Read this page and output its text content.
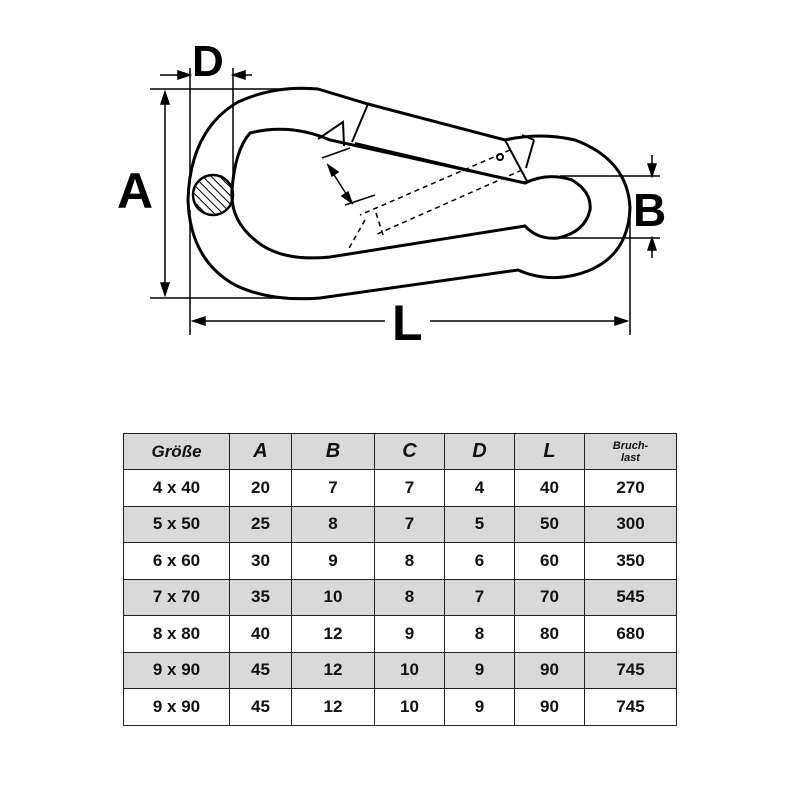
D
A	B
L
Größe	A	B	C	D	L	Bruch-
last
4 x 40	20	7	7	4	40	270
5 x 50	25	8	7	5	50	300
6 x 60	30	9	8	6	60	350
7 x 70	35	10	8	7	70	545
8 x 80	40	12	9	8	80	680
9 x 90	45	12	10	9	90	745
9 x 90	45	12	10	9	90	745
